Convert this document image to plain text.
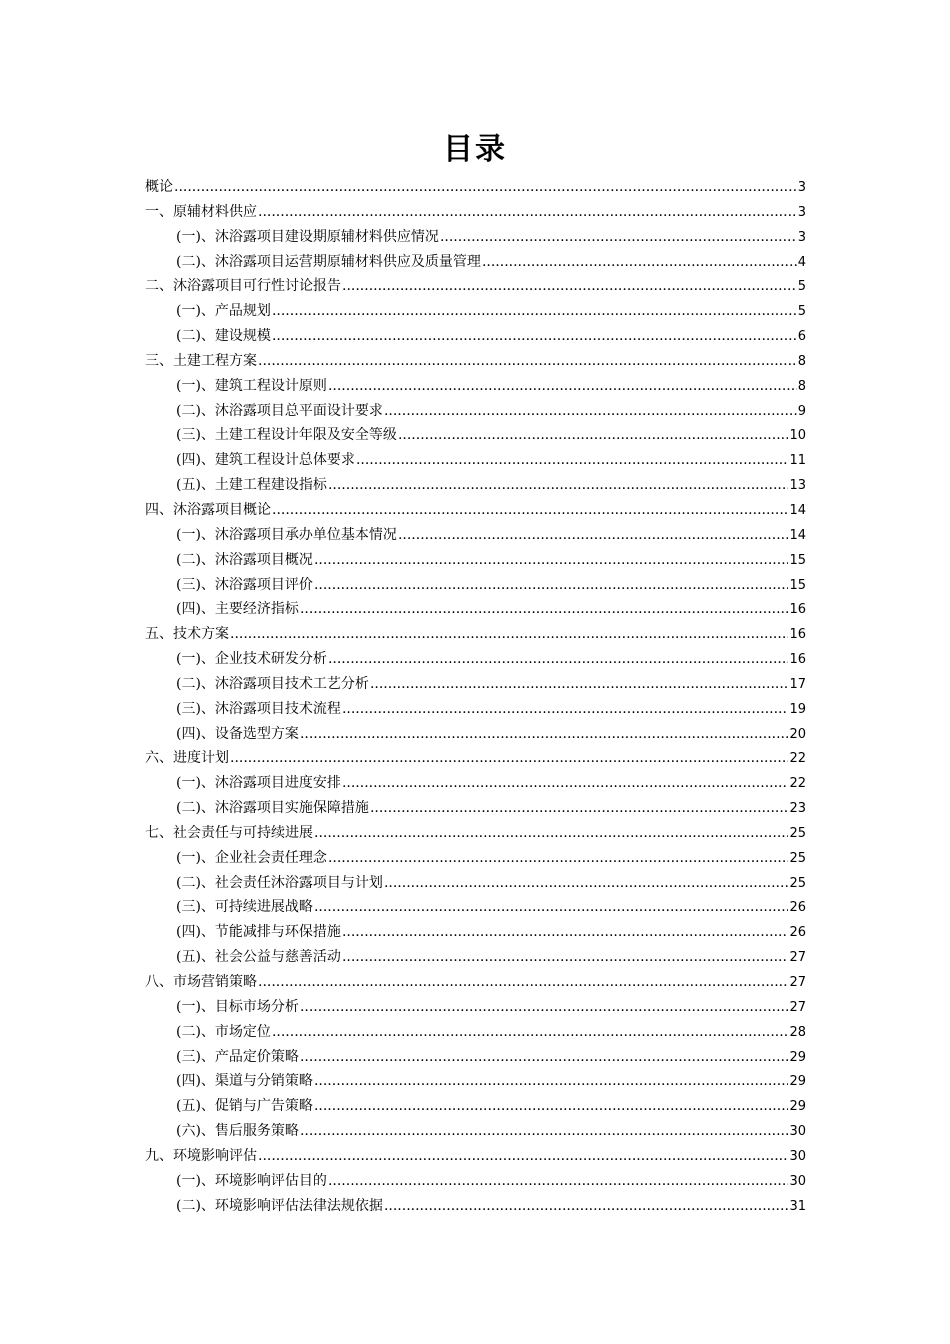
目录
概论 .....	3
一、原辅材料供应 .....	3
(一)、沐浴露项目建设期原辅材料供应情况 .....	3
(二)、沐浴露项目运营期原辅材料供应及质量管理 .....	4
二、沐浴露项目可行性讨论报告 .....	5
(一)、产品规划 .....	5
(二)、建设规模 .....	6
三、土建工程方案 .....	8
(一)、建筑工程设计原则 .....	8
(二)、沐浴露项目总平面设计要求 .....	9
(三)、土建工程设计年限及安全等级 .....	10
(四)、建筑工程设计总体要求 .....	11
(五)、土建工程建设指标 .....	13
四、沐浴露项目概论 .....	14
(一)、沐浴露项目承办单位基本情况 .....	14
(二)、沐浴露项目概况 .....	15
(三)、沐浴露项目评价 .....	15
(四)、主要经济指标 .....	16
五、技术方案 .....	16
(一)、企业技术研发分析 .....	16
(二)、沐浴露项目技术工艺分析 .....	17
(三)、沐浴露项目技术流程 .....	19
(四)、设备选型方案 .....	20
六、进度计划 .....	22
(一)、沐浴露项目进度安排 .....	22
(二)、沐浴露项目实施保障措施 .....	23
七、社会责任与可持续进展 .....	25
(一)、企业社会责任理念 .....	25
(二)、社会责任沐浴露项目与计划 .....	25
(三)、可持续进展战略 .....	26
(四)、节能减排与环保措施 .....	26
(五)、社会公益与慈善活动 .....	27
八、市场营销策略 .....	27
(一)、目标市场分析 .....	27
(二)、市场定位 .....	28
(三)、产品定价策略 .....	29
(四)、渠道与分销策略 .....	29
(五)、促销与广告策略 .....	29
(六)、售后服务策略 .....	30
九、环境影响评估 .....	30
(一)、环境影响评估目的 .....	30
(二)、环境影响评估法律法规依据 .....	31
